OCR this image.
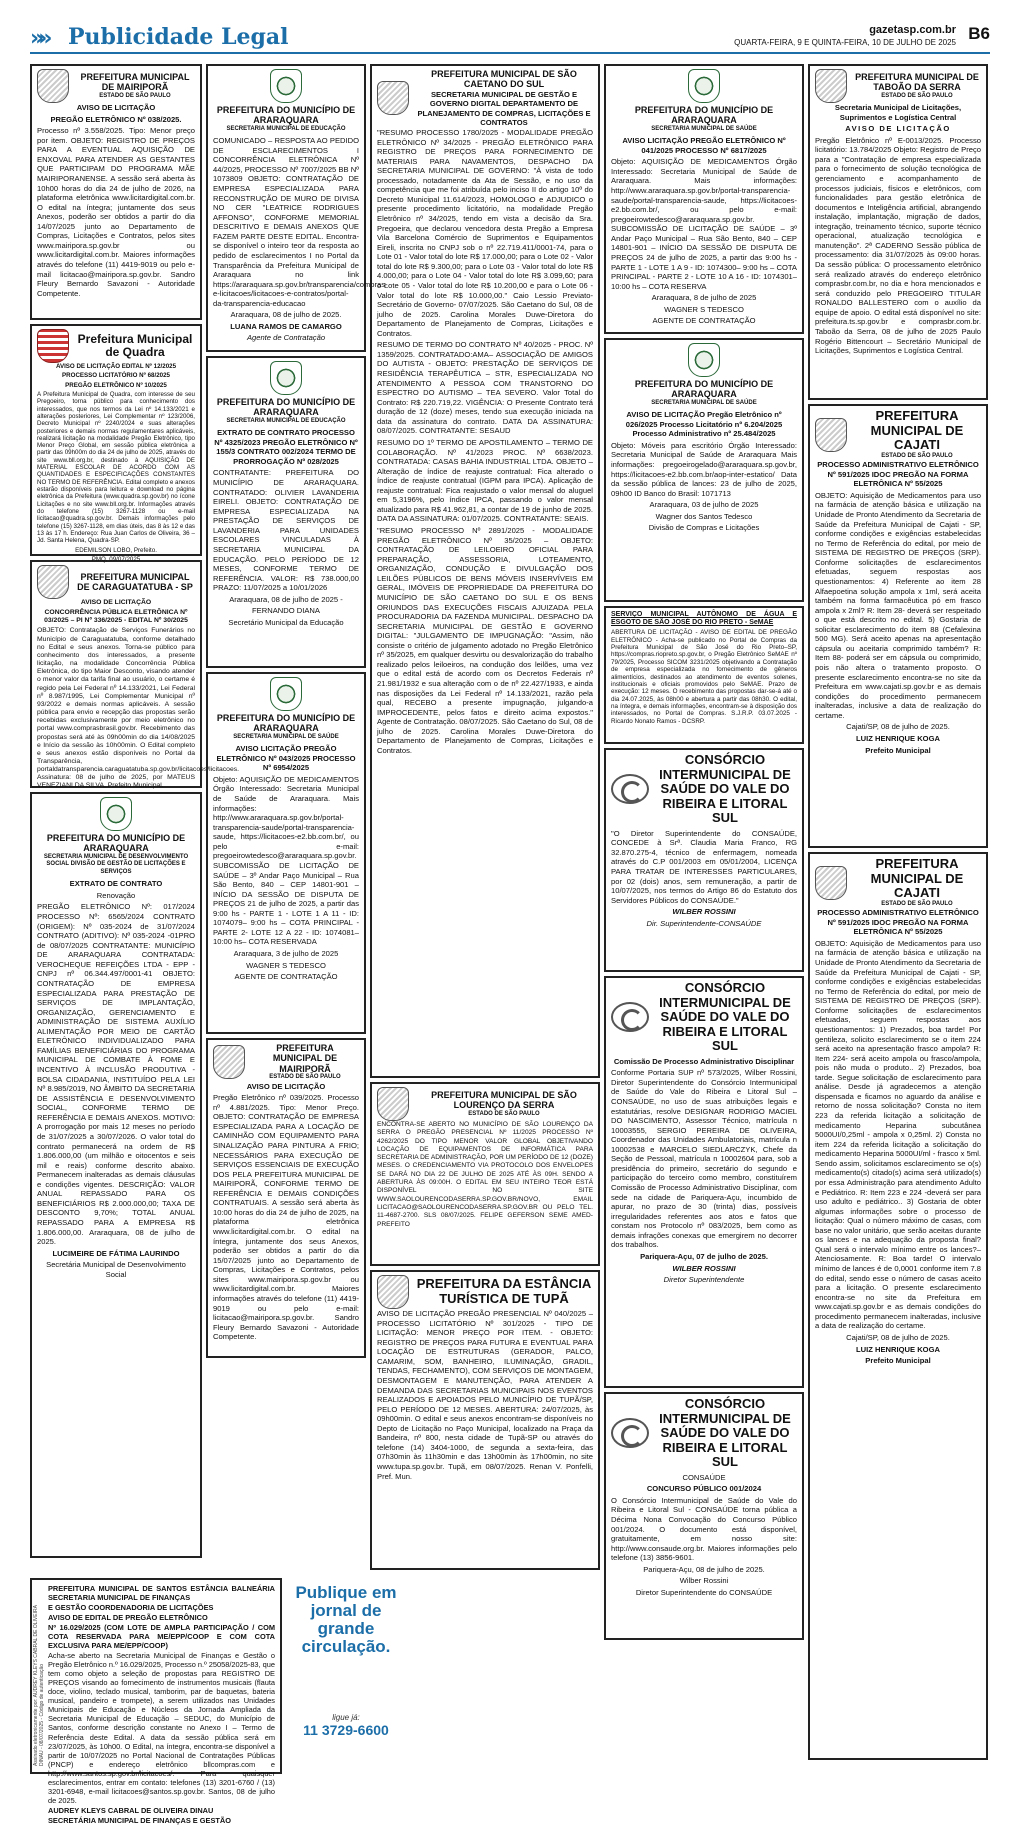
»» Publicidade Legal	gazetasp.com.br
QUARTA-FEIRA, 9 E QUINTA-FEIRA, 10 DE JULHO DE 2025 B6
PREFEITURA MUNICIPAL DE MAIRIPORÃ
ESTADO DE SÃO PAULO

AVISO DE LICITAÇÃO

PREGÃO ELETRÔNICO Nº 038/2025.

Processo nº 3.558/2025. Tipo: Menor preço por item. OBJETO: REGISTRO DE PREÇOS PARA A EVENTUAL AQUISIÇÃO DE ENXOVAL PARA ATENDER AS GESTANTES QUE PARTICIPAM DO PROGRAMA MÃE MAIRIPORANENSE. A sessão será aberta às 10h00 horas do dia 24 de julho de 2026, na plataforma eletrônica www.licitardigital.com.br. O edital na íntegra; juntamente dos seus Anexos, poderão ser obtidos a partir do dia 14/07/2025 junto ao Departamento de Compras, Licitações e Contratos, pelos sites www.mairipora.sp.gov.br ou www.licitardigital.com.br. Maiores informações através do telefone (11) 4419-9019 ou pelo e-mail licitacao@mairipora.sp.gov.br. Sandro Fleury Bernardo Savazoni - Autoridade Competente.

Prefeitura Municipal de Quadra

AVISO DE LICITAÇÃO EDITAL Nº 12/2025

PROCESSO LICITATÓRIO Nº 68/2025

PREGÃO ELETRÔNICO Nº 10/2025

A Prefeitura Municipal de Quadra, com interesse de seu Pregoeiro, torna público para conhecimento dos interessados, que nos termos da Lei nº 14.133/2021 e alterações posteriores, Lei Complementar nº 123/2006, Decreto Municipal nº 2240/2024 e suas alterações posteriores e demais normas regulamentares aplicáveis, realizará licitação na modalidade Pregão Eletrônico, tipo Menor Preço Global, em sessão pública eletrônica a partir das 09h00m do dia 24 de julho de 2025, através do site www.bll.org.br, destinado à AQUISIÇÃO DE MATERIAL ESCOLAR DE ACORDO COM AS QUANTIDADES E ESPECIFICAÇÕES CONSTANTES NO TERMO DE REFERÊNCIA. Edital completo e anexos estarão disponíveis para leitura e download no página eletrônica da Prefeitura (www.quadra.sp.gov.br) no ícone Licitações e no site www.bll.org.br. Informações através do telefone (15) 3267-1128 ou e-mail licitacao@quadra.sp.gov.br. Demais informações pelo telefone (15) 3267-1128, em dias úteis, das 8 às 12 e das 13 às 17 h. Endereço: Rua Juan Carlos de Oliveira, 36 – Jd. Santa Helena, Quadra-SP.

EDEMILSON LOBO, Prefeito.

PMQ, 09/07/2025

PREFEITURA MUNICIPAL DE CARAGUATATUBA - SP

AVISO DE LICITAÇÃO

CONCORRÊNCIA PÚBLICA ELETRÔNICA Nº 03/2025 – PI Nº 336/2025 - EDITAL Nº 30/2025

OBJETO: Contratação de Serviços Funerários no Município de Caraguatatuba, conforme detalhado no Edital e seus anexos. Torna-se público para conhecimento dos interessados, a presente licitação, na modalidade Concorrência Pública Eletrônica, do tipo Maior Desconto, visando atender o menor valor da tarifa final ao usuário, o certame é regido pela Lei Federal nº 14.133/2021, Lei Federal nº 8.987/1995, Lei Complementar Municipal nº 93/2022 e demais normas aplicáveis. A sessão pública para envio e recepção das propostas serão recebidas exclusivamente por meio eletrônico no portal www.comprasbrasil.gov.br. Recebimento das propostas será até às 09h00min do dia 14/08/2025 e Início da sessão às 10h00min. O Edital completo e seus anexos estão disponíveis no Portal da Transparência, portaldatransparencia.caraguatatuba.sp.gov.br/licitacoes/licitacoes. Assinatura: 08 de julho de 2025, por MATEUS VENEZIANI DA SILVA, Prefeito Municipal.

PREFEITURA DO MUNICÍPIO DE ARARAQUARA
SECRETARIA MUNICIPAL DE DESENVOLVIMENTO SOCIAL DIVISÃO DE GESTÃO DE LICITAÇÕES E SERVIÇOS

EXTRATO DE CONTRATO

Renovação

PREGÃO ELETRÔNICO Nº: 017/2024 PROCESSO Nº: 6565/2024 CONTRATO (ORIGEM): Nº 035-2024 de 31/07/2024 CONTRATO (ADITIVO): Nº 035-2024 -01PRO de 08/07/2025 CONTRATANTE: MUNICÍPIO DE ARARAQUARA CONTRATADA: VEROCHEQUE REFEIÇÕES LTDA - EPP - CNPJ nº 06.344.497/0001-41 OBJETO: CONTRATAÇÃO DE EMPRESA ESPECIALIZADA PARA PRESTAÇÃO DE SERVIÇOS DE IMPLANTAÇÃO, ORGANIZAÇÃO, GERENCIAMENTO E ADMINISTRAÇÃO DE SISTEMA AUXÍLIO ALIMENTAÇÃO POR MEIO DE CARTÃO ELETRÔNICO INDIVIDUALIZADO PARA FAMÍLIAS BENEFICIÁRIAS DO PROGRAMA MUNICIPAL DE COMBATE À FOME E INCENTIVO À INCLUSÃO PRODUTIVA - BOLSA CIDADANIA, INSTITUÍDO PELA LEI Nº 8.985/2019, NO ÂMBITO DA SECRETARIA DE ASSISTÊNCIA E DESENVOLVIMENTO SOCIAL, CONFORME TERMO DE REFERÊNCIA E DEMAIS ANEXOS. MOTIVO: A prorrogação por mais 12 meses no período de 31/07/2025 a 30/07/2026. O valor total do contrato permanecerá na ordem de R$ 1.806.000,00 (um milhão e oitocentos e seis mil e reais) conforme descrito abaixo. Permanecem inalteradas as demais cláusulas e condições vigentes. DESCRIÇÃO: VALOR ANUAL REPASSADO PARA OS BENEFICIÁRIOS R$ 2.000.000,00; TAXA DE DESCONTO 9,70%; TOTAL ANUAL REPASSADO PARA A EMPRESA R$ 1.806.000,00. Araraquara, 08 de julho de 2025.

LUCIMEIRE DE FÁTIMA LAURINDO

Secretária Municipal de Desenvolvimento Social

PREFEITURA DO MUNICÍPIO DE ARARAQUARA
SECRETARIA MUNICIPAL DE EDUCAÇÃO

COMUNICADO – RESPOSTA AO PEDIDO DE ESCLARECIMENTOS I CONCORRÊNCIA ELETRÔNICA Nº 44/2025, PROCESSO Nº 7007/2025 BB Nº 1073809 OBJETO: CONTRATAÇÃO DE EMPRESA ESPECIALIZADA PARA RECONSTRUÇÃO DE MURO DE DIVISA NO CER "LEATRICE RODRIGUES AFFONSO", CONFORME MEMORIAL DESCRITIVO E DEMAIS ANEXOS QUE FAZEM PARTE DESTE EDITAL. Encontra-se disponível o inteiro teor da resposta ao pedido de esclarecimentos I no Portal da Transparência da Prefeitura Municipal de Araraquara no link https://araraquara.sp.gov.br/transparencia/compras-e-licitacoes/licitacoes-e-contratos/portal-da-transparencia-educacao

Araraquara, 08 de julho de 2025.

LUANA RAMOS DE CAMARGO

Agente de Contratação

PREFEITURA DO MUNICÍPIO DE ARARAQUARA
SECRETARIA MUNICIPAL DE EDUCAÇÃO

EXTRATO DE CONTRATO PROCESSO Nº 4325/2023 PREGÃO ELETRÔNICO Nº 155/3 CONTRATO 002/2024 TERMO DE PRORROGAÇÃO Nº 028/2025

CONTRATANTE: PREFEITURA DO MUNICÍPIO DE ARARAQUARA. CONTRATADO: OLIVIER LAVANDERIA EIRELI. OBJETO: CONTRATAÇÃO DE EMPRESA ESPECIALIZADA NA PRESTAÇÃO DE SERVIÇOS DE LAVANDERIA PARA UNIDADES ESCOLARES VINCULADAS À SECRETARIA MUNICIPAL DA EDUCAÇÃO. PELO PERÍODO DE 12 MESES, CONFORME TERMO DE REFERÊNCIA. VALOR: R$ 738.000,00 PRAZO: 11/07/2025 a 10/01/2026

Araraquara, 08 de julho de 2025 -

FERNANDO DIANA

Secretário Municipal da Educação

PREFEITURA DO MUNICÍPIO DE ARARAQUARA
SECRETARIA MUNICIPAL DE SAÚDE

AVISO LICITAÇÃO PREGÃO ELETRÔNICO Nº 043/2025 PROCESSO Nº 6954/2025

Objeto: AQUISIÇÃO DE MEDICAMENTOS Órgão Interessado: Secretaria Municipal de Saúde de Araraquara. Mais informações: http://www.araraquara.sp.gov.br/portal-transparencia-saude/portal-transparencia-saude, https://licitacoes-e2.bb.com.br/, ou pelo e-mail: pregoeirowtedesco@araraquara.sp.gov.br. SUBCOMISSÃO DE LICITAÇÃO DE SAÚDE – 3º Andar Paço Municipal – Rua São Bento, 840 – CEP 14801-901 – INÍCIO DA SESSÃO DE DISPUTA DE PREÇOS 21 de julho de 2025, a partir das 9:00 hs - PARTE 1 - LOTE 1 A 11 - ID: 1074079– 9:00 hs – COTA PRINCIPAL - PARTE 2- LOTE 12 A 22 - ID: 1074081– 10:00 hs– COTA RESERVADA

Araraquara, 3 de julho de 2025

WAGNER S TEDESCO

AGENTE DE CONTRATAÇÃO

PREFEITURA MUNICIPAL DE MAIRIPORÃ
ESTADO DE SÃO PAULO

AVISO DE LICITAÇÃO

Pregão Eletrônico nº 039/2025. Processo nº 4.881/2025. Tipo: Menor Preço. OBJETO: CONTRATAÇÃO DE EMPRESA ESPECIALIZADA PARA A LOCAÇÃO DE CAMINHÃO COM EQUIPAMENTO PARA SINALIZAÇÃO PARA PINTURA A FRIO; NECESSÁRIOS PARA EXECUÇÃO DE SERVIÇOS ESSENCIAIS DE EXECUÇÃO DOS PELA PREFEITURA MUNICIPAL DE MAIRIPORÃ, CONFORME TERMO DE REFERÊNCIA E DEMAIS CONDIÇÕES CONTRATUAIS. A sessão será aberta às 10:00 horas do dia 24 de julho de 2025, na plataforma eletrônica www.licitardigital.com.br. O edital na íntegra, juntamente dos seus Anexos, poderão ser obtidos a partir do dia 15/07/2025 junto ao Departamento de Compras, Licitações e Contratos, pelos sites www.mairipora.sp.gov.br ou www.licitardigital.com.br. Maiores informações através do telefone (11) 4419-9019 ou pelo e-mail: licitacao@mairipora.sp.gov.br. Sandro Fleury Bernardo Savazoni - Autoridade Competente.

PREFEITURA MUNICIPAL DE SÃO CAETANO DO SUL
SECRETARIA MUNICIPAL DE GESTÃO E GOVERNO DIGITAL DEPARTAMENTO DE PLANEJAMENTO DE COMPRAS, LICITAÇÕES E CONTRATOS

"RESUMO PROCESSO 1780/2025 - MODALIDADE PREGÃO ELETRÔNICO Nº 34/2025 - PREGÃO ELETRÔNICO PARA REGISTRO DE PREÇOS PARA FORNECIMENTO DE MATERIAIS PARA NAVAMENTOS, DESPACHO DA SECRETARIA MUNICIPAL DE GOVERNO: "À vista de todo processado, notadamente da Ata de Sessão, e no uso da competência que me foi atribuída pelo inciso II do artigo 10º do Decreto Municipal 11.614/2023, HOMOLOGO e ADJUDICO o presente procedimento licitatório, na modalidade Pregão Eletrônico nº 34/2025, tendo em vista a decisão da Sra. Pregoeira, que declarou vencedora desta Pregão a Empresa Vila Barcelona Comércio de Suprimentos e Equipamentos Eireli, inscrita no CNPJ sob o nº 22.719.411/0001-74, para o Lote 01 - Valor total do lote R$ 17.000,00; para o Lote 02 - Valor total do lote R$ 9.300,00; para o Lote 03 - Valor total do lote R$ 4.000,00; para o Lote 04 - Valor total do lote R$ 3.099,60; para o Lote 05 - Valor total do lote R$ 10.200,00 e para o Lote 06 - Valor total do lote R$ 10.000,00." Caio Lessio Previato- Secretário de Governo- 07/07/2025. São Caetano do Sul, 08 de julho de 2025. Carolina Morales Duwe-Diretora do Departamento de Planejamento de Compras, Licitações e Contratos.

RESUMO DE TERMO DO CONTRATO Nº 40/2025 - PROC. Nº 1359/2025. CONTRATADO:AMA– ASSOCIAÇÃO DE AMIGOS DO AUTISTA - OBJETO: PRESTAÇÃO DE SERVIÇOS DE RESIDÊNCIA TERAPÊUTICA – STR, ESPECIALIZADA NO ATENDIMENTO A PESSOA COM TRANSTORNO DO ESPECTRO DO AUTISMO – TEA SEVERO. Valor Total do Contrato: R$ 220.719,22. VIGÊNCIA: O Presente Contrato terá duração de 12 (doze) meses, tendo sua execução iniciada na data da assinatura do contrato. DATA DA ASSINATURA: 08/07/2025. CONTRATANTE: SESAUD

RESUMO DO 1º TERMO DE APOSTILAMENTO – TERMO DE COLABORAÇÃO. Nº 41/2023 PROC. Nº 6638/2023. CONTRATADA: CASAS BAHIA INDUSTRIAL LTDA. OBJETO – Alteração de índice de reajuste contratual: Fica alterado o índice de reajuste contratual (IGPM para IPCA). Aplicação de reajuste contratual: Fica reajustado o valor mensal do aluguel em 5,3196%, pelo índice IPCA, passando o valor mensal atualizado para R$ 41.962,81, a contar de 19 de junho de 2025. DATA DA ASSINATURA: 01/07/2025. CONTRATANTE: SEAIS.

"RESUMO PROCESSO Nº 2891/2025 - MODALIDADE PREGÃO ELETRÔNICO Nº 35/2025 – OBJETO: CONTRATAÇÃO DE LEILOEIRO OFICIAL PARA PREPARAÇÃO, ASSESSORIA, LOTEAMENTO, ORGANIZAÇÃO, CONDUÇÃO E DIVULGAÇÃO DOS LEILÕES PÚBLICOS DE BENS MÓVEIS INSERVÍVEIS EM GERAL, IMÓVEIS DE PROPRIEDADE DA PREFEITURA DO MUNICÍPIO DE SÃO CAETANO DO SUL E OS BENS ORIUNDOS DAS EXECUÇÕES FISCAIS AJUIZADA PELA PROCURADORIA DA FAZENDA MUNICIPAL. DESPACHO DA SECRETARIA MUNICIPAL DE GESTÃO E GOVERNO DIGITAL: "JULGAMENTO DE IMPUGNAÇÃO: "Assim, não consiste o critério de julgamento adotado no Pregão Eletrônico nº 35/2025, em qualquer desvirtu ou desvalorização do trabalho realizado pelos leiloeiros, na condução dos leilões, uma vez que o edital está de acordo com os Decretos Federais nº 21.981/1932 e sua alteração com o de nº 22.427/1933, e ainda nas disposições da Lei Federal nº 14.133/2021, razão pela qual, RECEBO a presente impugnação, julgando-a IMPROCEDENTE, pelos fatos e direito acima expostos." Agente de Contratação. 08/07/2025. São Caetano do Sul, 08 de julho de 2025. Carolina Morales Duwe-Diretora do Departamento de Planejamento de Compras, Licitações e Contratos.

PREFEITURA MUNICIPAL DE SÃO LOURENÇO DA SERRA
ESTADO DE SÃO PAULO

ENCONTRA-SE ABERTO NO MUNICÍPIO DE SÃO LOURENÇO DA SERRA O PREGÃO PRESENCIAL Nº 11/2025 PROCESSO Nº 4262/2025 DO TIPO MENOR VALOR GLOBAL OBJETIVANDO LOCAÇÃO DE EQUIPAMENTOS DE INFORMÁTICA PARA SECRETARIA DE ADMINISTRAÇÃO, POR UM PERÍODO DE 12 (DOZE) MESES. O CREDENCIAMENTO VIA PROTOCOLO DOS ENVELOPES SE DARÁ NO DIA 22 DE JULHO DE 2025 ATÉ ÀS 09H. SENDO A ABERTURA ÀS 09:00H. O EDITAL EM SEU INTEIRO TEOR ESTÁ DISPONÍVEL NO SITE WWW.SAOLOURENCODASERRA.SP.GOV.BR/NOVO, EMAIL LICITACAO@SAOLOURENCODASERRA.SP.GOV.BR OU PELO TEL. 11-4687-2700. SLS 08/07/2025. FELIPE GEFERSON SEME AMED- PREFEITO

PREFEITURA DA ESTÂNCIA TURÍSTICA DE TUPÃ

AVISO DE LICITAÇÃO PREGÃO PRESENCIAL Nº 040/2025 – PROCESSO LICITATÓRIO Nº 301/2025 - TIPO DE LICITAÇÃO: MENOR PREÇO POR ITEM. - OBJETO: REGISTRO DE PREÇOS PARA FUTURA E EVENTUAL PARA LOCAÇÃO DE ESTRUTURAS (GERADOR, PALCO, CAMARIM, SOM, BANHEIRO, ILUMINAÇÃO, GRADIL, TENDAS, FECHAMENTO), COM SERVIÇOS DE MONTAGEM, DESMONTAGEM E MANUTENÇÃO, PARA ATENDER A DEMANDA DAS SECRETARIAS MUNICIPAIS NOS EVENTOS REALIZADOS E APOIADOS PELO MUNICÍPIO DE TUPÃ/SP, PELO PERÍODO DE 12 MESES. ABERTURA: 24/07/2025, às 09h00min. O edital e seus anexos encontram-se disponíveis no Depto de Licitação no Paço Municipal, localizado na Praça da Bandeira, nº 800, nesta cidade de Tupã-SP ou através do telefone (14) 3404-1000, de segunda a sexta-feira, das 07h30min às 11h30min e das 13h00min às 17h00min, no site www.tupa.sp.gov.br. Tupã, em 08/07/2025. Renan V. Ponfelli, Pref. Mun.

PREFEITURA DO MUNICÍPIO DE ARARAQUARA
SECRETARIA MUNICIPAL DE SAÚDE

AVISO LICITAÇÃO PREGÃO ELETRÔNICO Nº 041/2025 PROCESSO Nº 6817/2025

Objeto: AQUISIÇÃO DE MEDICAMENTOS Órgão Interessado: Secretaria Municipal de Saúde de Araraquara. Mais informações: http://www.araraquara.sp.gov.br/portal-transparencia-saude/portal-transparencia-saude, https://licitacoes-e2.bb.com.br/, ou pelo e-mail: pregoeirowtedesco@araraquara.sp.gov.br. SUBCOMISSÃO DE LICITAÇÃO DE SAÚDE – 3º Andar Paço Municipal – Rua São Bento, 840 – CEP 14801-901 – INÍCIO DA SESSÃO DE DISPUTA DE PREÇOS 24 de julho de 2025, a partir das 9:00 hs - PARTE 1 - LOTE 1 A 9 - ID: 1074300– 9:00 hs – COTA PRINCIPAL - PARTE 2 - LOTE 10 A 16 - ID: 1074301– 10:00 hs – COTA RESERVA

Araraquara, 8 de julho de 2025

WAGNER S TEDESCO

AGENTE DE CONTRATAÇÃO

PREFEITURA DO MUNICÍPIO DE ARARAQUARA
SECRETARIA MUNICIPAL DE SAÚDE

AVISO DE LICITAÇÃO Pregão Eletrônico nº 026/2025 Processo Licitatório nº 6.204/2025 Processo Administrativo nº 25.484/2025

Objeto: Móveis para escritório Órgão Interessado: Secretaria Municipal de Saúde de Araraquara Mais informações: pregoeirogelado@araraquara.sp.gov.br, https://licitacoes-e2.bb.com.br/aop-inter-estatico/ Data da sessão pública de lances: 23 de julho de 2025, 09h00 ID Banco do Brasil: 1071713

Araraquara, 03 de julho de 2025

Wagner dos Santos Tedesco

Divisão de Compras e Licitações

SERVIÇO MUNICIPAL AUTÔNOMO DE ÁGUA E ESGOTO DE SÃO JOSÉ DO RIO PRETO - SeMAE

ABERTURA DE LICITAÇÃO - AVISO DE EDITAL DE PREGÃO ELETRÔNICO - Acha-se publicado no Portal de Compras da Prefeitura Municipal de São José do Rio Preto–SP, https://compras.riopreto.sp.gov.br, o Pregão Eletrônico SeMAE nº 79/2025, Processo SICOM 3231/2025 objetivando a Contratação de empresa especializada no fornecimento de gêneros alimentícios, destinados ao atendimento de eventos solenes, institucionais e oficiais promovidos pelo SeMAE. Prazo de execução: 12 meses. O recebimento das propostas dar-se-á até o dia 24.07.2025, às 08h00 e abertura a partir das 08h30. O edital, na íntegra, e demais informações, encontram-se à disposição dos interessados, no Portal de Compras. S.J.R.P. 03.07.2025 - Ricardo Nonato Ramos - DCSRP.

CONSÓRCIO INTERMUNICIPAL DE SAÚDE DO VALE DO RIBEIRA E LITORAL SUL

"O Diretor Superintendente do CONSAÚDE, CONCEDE à Srª. Claudia Maria Franco, RG 32.870.275-4, técnico de enfermagem, nomeada através do C.P 001/2003 em 05/01/2004, LICENÇA PARA TRATAR DE INTERESSES PARTICULARES, por 02 (dois) anos, sem remuneração, a partir de 10/07/2025, nos termos do Artigo 86 do Estatuto dos Servidores Públicos do CONSAÚDE."

WILBER ROSSINI

Dir. Superintendente-CONSAÚDE

CONSÓRCIO INTERMUNICIPAL DE SAÚDE DO VALE DO RIBEIRA E LITORAL SUL

Comissão De Processo Administrativo Disciplinar

Conforme Portaria SUP nº 573/2025, Wilber Rossini, Diretor Superintendente do Consórcio Intermunicipal de Saúde do Vale do Ribeira e Litoral Sul – CONSAÚDE, no uso de suas atribuições legais e estatutárias, resolve DESIGNAR RODRIGO MACIEL DO NASCIMENTO, Assessor Técnico, matrícula n 10003555, SERGIO PEREIRA DE OLIVEIRA, Coordenador das Unidades Ambulatoriais, matrícula n 10002538 e MARCELO SIEDLARCZYK, Chefe da Seção de Pessoal, matrícula n 10002604 para, sob a presidência do primeiro, secretário do segundo e participação do terceiro como membro, constituírem Comissão de Processo Administrativo Disciplinar, com sede na cidade de Pariquera-Açu, incumbido de apurar, no prazo de 30 (trinta) dias, possíveis irregularidades referentes aos atos e fatos que constam nos Protocolo nº 083/2025, bem como as demais infrações conexas que emergirem no decorrer dos trabalhos.

Pariquera-Açu, 07 de julho de 2025.

WILBER ROSSINI

Diretor Superintendente

CONSÓRCIO INTERMUNICIPAL DE SAÚDE DO VALE DO RIBEIRA E LITORAL SUL

CONSAÚDE

CONCURSO PÚBLICO 001/2024

O Consórcio Intermunicipal de Saúde do Vale do Ribeira e Litoral Sul - CONSAÚDE torna pública a Décima Nona Convocação do Concurso Público 001/2024. O documento está disponível, gratuitamente, em nosso site: http://www.consaude.org.br. Maiores informações pelo telefone (13) 3856-9601.

Pariquera-Açu, 08 de julho de 2025.

Wilber Rossini

Diretor Superintendente do CONSAÚDE

PREFEITURA MUNICIPAL DE TABOÃO DA SERRA
ESTADO DE SÃO PAULO

Secretaria Municipal de Licitações, Suprimentos e Logística Central

AVISO DE LICITAÇÃO

Pregão Eletrônico nº E-0013/2025. Processo licitatório: 13.784/2025 Objeto: Registro de Preço para a "Contratação de empresa especializada para o fornecimento de solução tecnológica de gerenciamento e acompanhamento de processos judiciais, físicos e eletrônicos, com funcionalidades para gestão eletrônica de documentos e Inteligência artificial, abrangendo instalação, implantação, migração de dados, integração, treinamento técnico, suporte técnico operacional, atualização tecnológica e manutenção". 2ª CADERNO Sessão pública de processamento: dia 31/07/2025 às 09:00 horas. Da sessão pública: O processamento eletrônico será realizado através do endereço eletrônico comprasbr.com.br, no dia e hora mencionados e será conduzido pelo PREGOEIRO TITULAR RONALDO BALLESTERO com o auxílio da equipe de apoio. O edital está disponível no site: prefeitura.ts.sp.gov.br e comprasbr.com.br. Taboão da Serra, 08 de julho de 2025 Paulo Rogério Bittencourt – Secretário Municipal de Licitações, Suprimentos e Logística Central.

PREFEITURA MUNICIPAL DE CAJATI
ESTADO DE SÃO PAULO

PROCESSO ADMINISTRATIVO ELETRÔNICO Nº 591/2025 IDOC PREGÃO NA FORMA ELETRÔNICA Nº 55/2025

OBJETO: Aquisição de Medicamentos para uso na farmácia de atenção básica e utilização na Unidade de Pronto Atendimento da Secretaria de Saúde da Prefeitura Municipal de Cajati - SP, conforme condições e exigências estabelecidas no Termo de Referência do edital, por meio de SISTEMA DE REGISTRO DE PREÇOS (SRP). Conforme solicitações de esclarecimentos efetuadas, seguem respostas aos questionamentos: 4) Referente ao item 28 Alfaepoetina solução ampola x 1ml, será aceita também na forma farmacêutica pó em frasco ampola x 2ml? R: Item 28- deverá ser respeitado o que está descrito no edital. 5) Gostaria de solicitar esclarecimento do item 88 (Cefalexina 500 MG). Será aceito apenas na apresentação cápsula ou aceitaria comprimido também? R: Item 88- poderá ser em cápsula ou comprimido, pois não altera o tratamento proposto. O presente esclarecimento encontra-se no site da Prefeitura em www.cajati.sp.gov.br e as demais condições do procedimento permanecem inalteradas, inclusive a data de realização do certame.

Cajati/SP, 08 de julho de 2025.

LUIZ HENRIQUE KOGA

Prefeito Municipal

PREFEITURA MUNICIPAL DE CAJATI
ESTADO DE SÃO PAULO

PROCESSO ADMINISTRATIVO ELETRÔNICO Nº 591/2025 IDOC PREGÃO NA FORMA ELETRÔNICA Nº 55/2025

OBJETO: Aquisição de Medicamentos para uso na farmácia de atenção básica e utilização na Unidade de Pronto Atendimento da Secretaria de Saúde da Prefeitura Municipal de Cajati - SP, conforme condições e exigências estabelecidas no Termo de Referência do edital, por meio de SISTEMA DE REGISTRO DE PREÇOS (SRP). Conforme solicitações de esclarecimentos efetuadas, seguem respostas aos questionamentos: 1) Prezados, boa tarde! Por gentileza, solicito esclarecimento se o item 224 será aceito na apresentação frasco ampola? R: Item 224- será aceito ampola ou frasco/ampola, pois não muda o produto.. 2) Prezados, boa tarde. Segue solicitação de esclarecimento para análise. Desde já agradecemos a atenção dispensada e ficamos no aguardo da análise e retorno de nossa solicitação? Consta no item 223 da referida licitação a solicitação de medicamento Heparina subcutânea 5000UI/0,25ml - ampola x 0,25ml. 2) Consta no item 224 da referida licitação a solicitação do medicamento Heparina 5000UI/ml - frasco x 5ml. Sendo assim, solicitamos esclarecimento se o(s) medicamento(s) citado(s) acima será utilizado(s) por essa Administração para atendimento Adulto e Pediátrico. R: Item 223 e 224 -deverá ser para uso adulto e pediátrico.. 3) Gostaria de obter algumas informações sobre o processo de licitação: Qual o número máximo de casas, com base no valor unitário, que serão aceitas durante os lances e na adequação da proposta final? Qual será o intervalo mínimo entre os lances?–Atenciosamente. R: Boa tarde! O intervalo mínimo de lances é de 0,0001 conforme item 7.8 do edital, sendo esse o número de casas aceito para a licitação. O presente esclarecimento encontra-se no site da Prefeitura em www.cajati.sp.gov.br e as demais condições do procedimento permanecem inalteradas, inclusive a data de realização do certame.

Cajati/SP, 08 de julho de 2025.

LUIZ HENRIQUE KOGA

Prefeito Municipal

Assinado eletronicamente por: AUDREY KLEYS CABRAL DE OLIVEIRA DINAU - 08/07/2025 - Código de autenticação

PREFEITURA MUNICIPAL DE SANTOS ESTÂNCIA BALNEÁRIA SECRETARIA MUNICIPAL DE FINANÇAS

E GESTÃO COORDENADORIA DE LICITAÇÕES

AVISO DE EDITAL DE PREGÃO ELETRÔNICO

Nº 16.029/2025 (COM LOTE DE AMPLA PARTICIPAÇÃO / COM COTA RESERVADA PARA ME/EPP/COOP E COM COTA EXCLUSIVA PARA ME/EPP/COOP)

Acha-se aberto na Secretaria Municipal de Finanças e Gestão o Pregão Eletrônico n.º 16.029/2025, Processo n.º 25058/2025-83, que tem como objeto a seleção de propostas para REGISTRO DE PREÇOS visando ao fornecimento de instrumentos musicais (flauta doce, violino, teclado musical, tamborim, par de baquetas, bateria musical, pandeiro e trompete), a serem utilizados nas Unidades Municipais de Educação e Núcleos da Jornada Ampliada da Secretaria Municipal de Educação – SEDUC, do Município de Santos, conforme descrição constante no Anexo I – Termo de Referência deste Edital. A data da sessão pública será em 23/07/2025, às 10h00. O Edital, na íntegra, encontra-se disponível a partir de 10/07/2025 no Portal Nacional de Contratações Públicas (PNCP) e endereço eletrônico bllcompras.com e http://www.santos.sp.gov.br/licitacoes/. Para quaisquer esclarecimentos, entrar em contato: telefones (13) 3201-6760 / (13) 3201-6948, e-mail licitacoes@santos.sp.gov.br. Santos, 08 de julho de 2025.

AUDREY KLEYS CABRAL DE OLIVEIRA DINAU

SECRETÁRIA MUNICIPAL DE FINANÇAS E GESTÃO

Publique em jornal de grande circulação.
ligue já:
11 3729-6600
